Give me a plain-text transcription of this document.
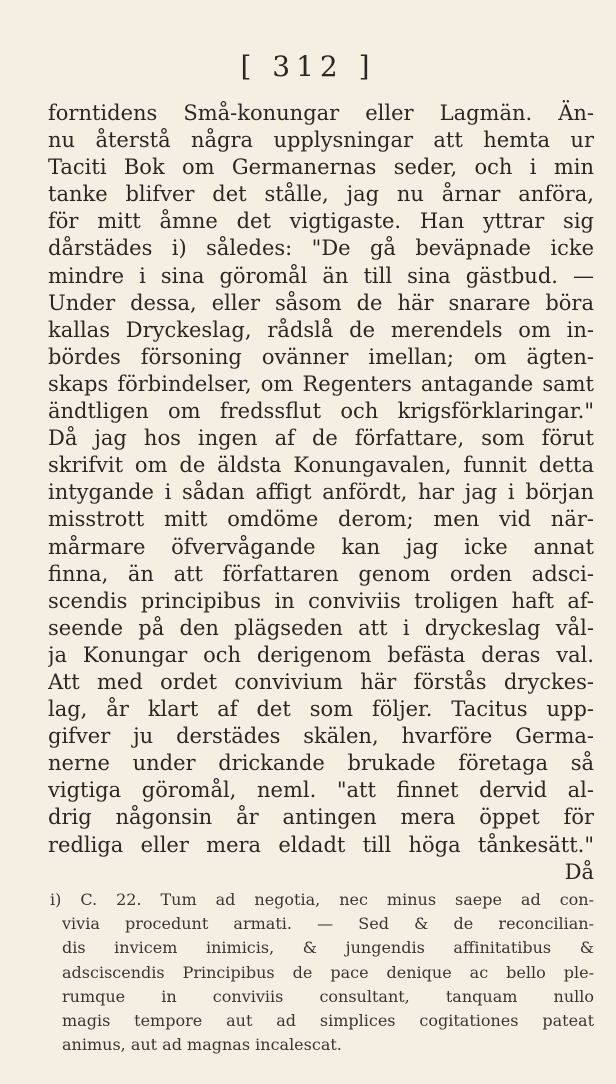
[ 312 ]
forntidens Små-konungar eller Lagmän. Än-
nu återstå några upplysningar att hemta ur
Taciti Bok om Germanernas seder, och i min
tanke blifver det stålle, jag nu årnar anföra,
för mitt åmne det vigtigaste. Han yttrar sig
dårstädes i) således: "De gå beväpnade icke
mindre i sina göromål än till sina gästbud. —
Under dessa, eller såsom de här snarare böra
kallas Dryckeslag, rådslå de merendels om in-
bördes försoning ovänner imellan; om ägten-
skaps förbindelser, om Regenters antagande samt
ändtligen om fredssflut och krigsförklaringar."
Då jag hos ingen af de författare, som förut
skrifvit om de äldsta Konungavalen, funnit detta
intygande i sådan affigt anfördt, har jag i början
misstrott mitt omdöme derom; men vid när-
mårmare öfvervågande kan jag icke annat
finna, än att författaren genom orden adsci-
scendis principibus in conviviis troligen haft af-
seende på den plägseden att i dryckeslag vål-
ja Konungar och derigenom befästa deras val.
Att med ordet convivium här förstås dryckes-
lag, år klart af det som följer. Tacitus upp-
gifver ju derstädes skälen, hvarföre Germa-
nerne under drickande brukade företaga så
vigtiga göromål, neml. "att finnet dervid al-
drig någonsin år antingen mera öppet för
redliga eller mera eldadt till höga tånkesätt."
Då
i) C. 22. Tum ad negotia, nec minus saepe ad con-
vivia procedunt armati. — Sed & de reconcilian-
dis invicem inimicis, & jungendis affinitatibus &
adsciscendis Principibus de pace denique ac bello ple-
rumque in conviviis consultant, tanquam nullo
magis tempore aut ad simplices cogitationes pateat
animus, aut ad magnas incalescat.
